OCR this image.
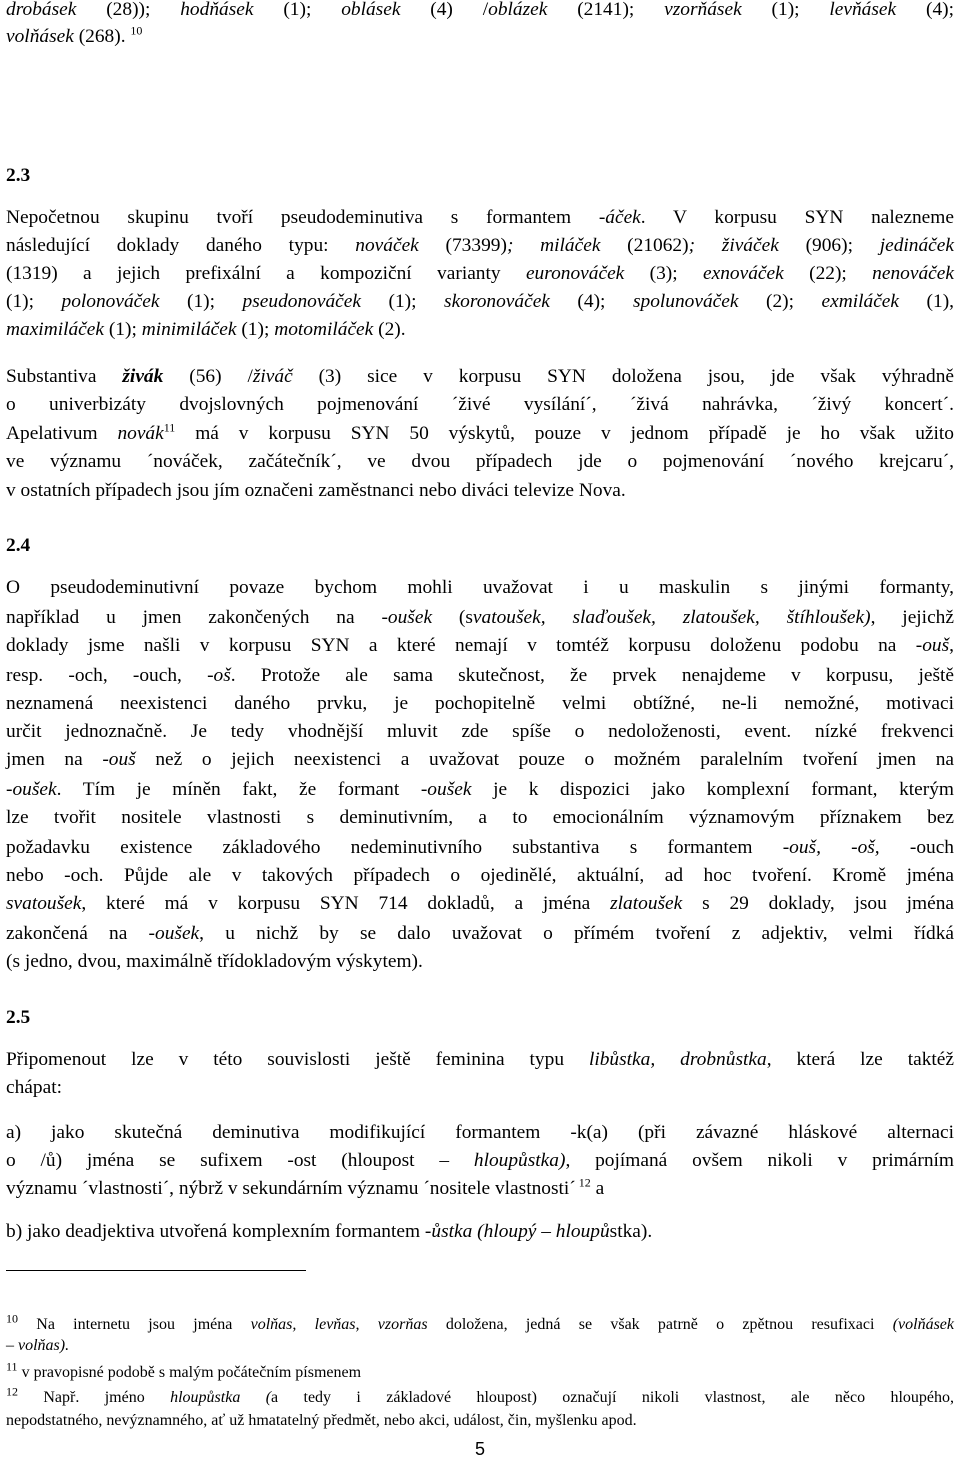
drobásek (28)); hodňásek (1); oblásek (4) /oblázek (2141); vzorňásek (1); levňásek (4);
volňásek (268). $^{10}$
2.3
Nepočetnou skupinu tvoří pseudodeminutiva s formantem -áček. V korpusu SYN nalezneme
následující doklady daného typu: nováček (73399); miláček (21062); živáček (906); jedináček
(1319) a jejich prefixální a kompoziční varianty euronováček (3); exnováček (22); nenováček
(1); polonováček (1); pseudonováček (1); skoronováček (4); spolunováček (2); exmiláček (1),
maximiláček (1); minimiláček (1); motomiláček (2).
Substantiva živák (56) /živáč (3) sice v korpusu SYN doložena jsou, jde však výhradně
o univerbizáty dvojslovných pojmenování ´živé vysílání´, ´živá nahrávka, ´živý koncert´.
Apelativum novák$^{11}$ má v korpusu SYN 50 výskytů, pouze v jednom případě je ho však užito
ve významu ´nováček, začátečník´, ve dvou případech jde o pojmenování ´nového krejcaru´,
v ostatních případech jsou jím označeni zaměstnanci nebo diváci televize Nova.
2.4
O pseudodeminutivní povaze bychom mohli uvažovat i u maskulin s jinými formanty,
například u jmen zakončených na -oušek (svatoušek, slaďoušek, zlatoušek, štíhloušek), jejichž
doklady jsme našli v korpusu SYN a které nemají v tomtéž korpusu doloženu podobu na -ouš,
resp. -och, -ouch, -oš. Protože ale sama skutečnost, že prvek nenajdeme v korpusu, ještě
neznamená neexistenci daného prvku, je pochopitelně velmi obtížné, ne-li nemožné, motivaci
určit jednoznačně. Je tedy vhodnější mluvit zde spíše o nedoloženosti, event. nízké frekvenci
jmen na -ouš než o jejich neexistenci a uvažovat pouze o možném paralelním tvoření jmen na
-oušek. Tím je míněn fakt, že formant -oušek je k dispozici jako komplexní formant, kterým
lze tvořit nositele vlastnosti s deminutivním, a to emocionálním významovým příznakem bez
požadavku existence základového nedeminutivního substantiva s formantem -ouš, -oš, -ouch
nebo -och. Půjde ale v takových případech o ojedinělé, aktuální, ad hoc tvoření. Kromě jména
svatoušek, které má v korpusu SYN 714 dokladů, a jména zlatoušek s 29 doklady, jsou jména
zakončená na -oušek, u nichž by se dalo uvažovat o přímém tvoření z adjektiv, velmi řídká
(s jedno, dvou, maximálně třídokladovým výskytem).
2.5
Připomenout lze v této souvislosti ještě feminina typu libůstka, drobnůstka, která lze taktéž
chápat:
a) jako skutečná deminutiva modifikující formantem -k(a) (při závazné hláskové alternaci
o /ů) jména se sufixem -ost (hloupost – hloupůstka), pojímaná ovšem nikoli v primárním
významu ´vlastnosti´, nýbrž v sekundárním významu ´nositele vlastnosti´ $^{12}$ a
b) jako deadjektiva utvořená komplexním formantem -ůstka (hloupý – hloupůstka).
$^{10}$ Na internetu jsou jména volňas, levňas, vzorňas doložena, jedná se však patrně o zpětnou resufixaci (volňásek
– volňas).
$^{11}$ v pravopisné podobě s malým počátečním písmenem
$^{12}$ Např. jméno hloupůstka (a tedy i základové hloupost) označují nikoli vlastnost, ale něco hloupého,
nepodstatného, nevýznamného, ať už hmatatelný předmět, nebo akci, událost, čin, myšlenku apod.
5
